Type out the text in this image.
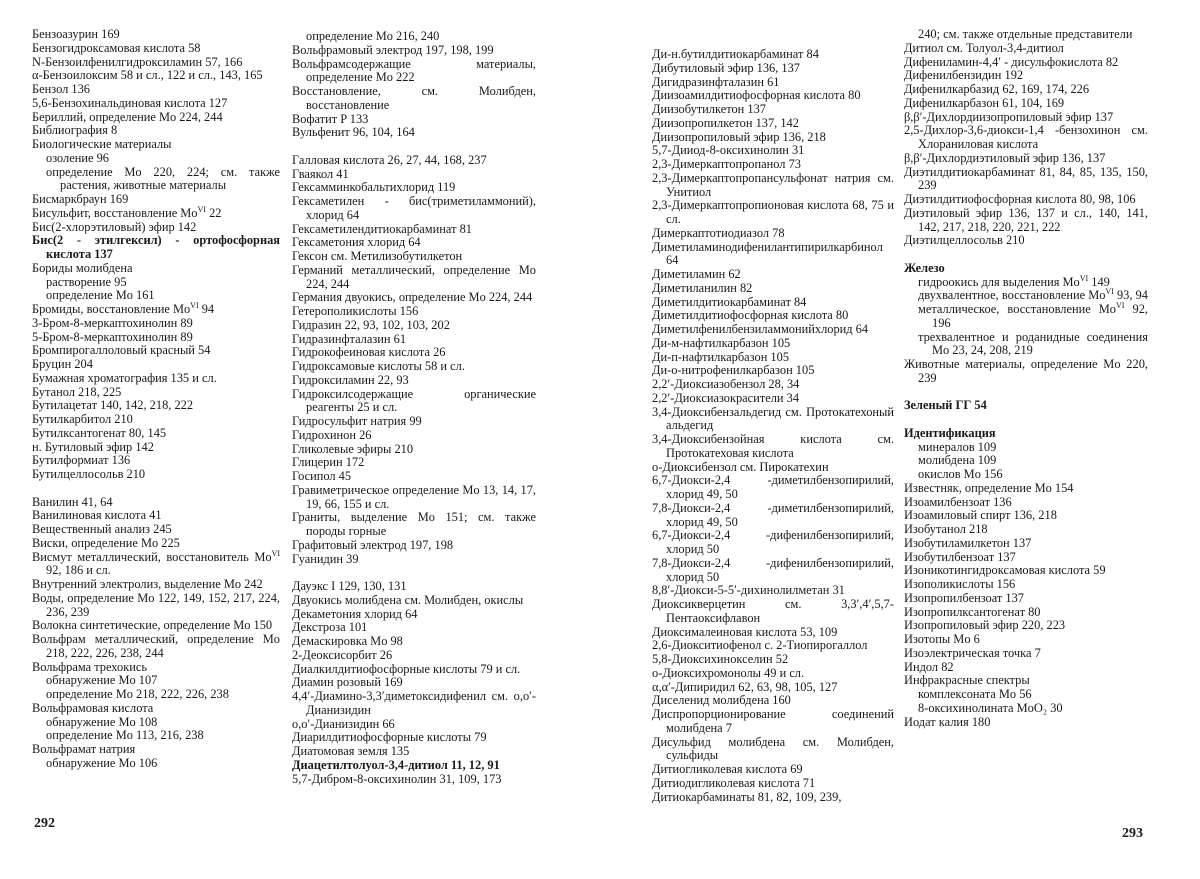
Бензоазурин 169
Бензогидроксамовая кислота 58
N-Бензоилфенилгидроксиламин 57, 166
α-Бензоилоксим 58 и сл., 122 и сл., 143, 165
Бензол 136
5,6-Бензохинальдиновая кислота 127
Бериллий, определение Mo 224, 244
Библиография 8
Биологические материалы
озоление 96
определение Mo 220, 224; см. также растения, животные материалы
Бисмаркбраун 169
Бисульфит, восстановление $Mo^{VI}$ 22
Бис(2-хлорэтиловый) эфир 142
Бис(2 - этилгексил) - ортофосфорная кислота 137
Бориды молибдена
растворение 95
определение Mo 161
Бромиды, восстановление $Mo^{VI}$ 94
3-Бром-8-меркаптохинолин 89
5-Бром-8-меркаптохинолин 89
Бромпирогаллоловый красный 54
Бруцин 204
Бумажная хроматография 135 и сл.
Бутанол 218, 225
Бутилацетат 140, 142, 218, 222
Бутилкарбитол 210
Бутилксантогенат 80, 145
н. Бутиловый эфир 142
Бутилформиат 136
Бутилцеллосольв 210
Ванилин 41, 64
Ванилиновая кислота 41
Вещественный анализ 245
Виски, определение Mo 225
Висмут металлический, восстановитель $Mo^{VI}$ 92, 186 и сл.
Внутренний электролиз, выделение Mo 242
Воды, определение Mo 122, 149, 152, 217, 224, 236, 239
Волокна синтетические, определение Mo 150
Вольфрам металлический, определение Mo 218, 222, 226, 238, 244
Вольфрама трехокись
обнаружение Mo 107
определение Mo 218, 222, 226, 238
Вольфрамовая кислота
обнаружение Mo 108
определение Mo 113, 216, 238
Вольфрамат натрия
обнаружение Mo 106
определение Mo 216, 240
Вольфрамовый электрод 197, 198, 199
Вольфрамсодержащие материалы, определение Mo 222
Восстановление, см. Молибден, восстановление
Вофатит P 133
Вульфенит 96, 104, 164
Галловая кислота 26, 27, 44, 168, 237
Гваякол 41
Гексамминкобальтихлорид 119
Гексаметилен - бис(триметиламмоний), хлорид 64
Гексаметилендитиокарбаминат 81
Гексаметония хлорид 64
Гексон см. Метилизобутилкетон
Германий металлический, определение Mo 224, 244
Германия двуокись, определение Mo 224, 244
Гетерополикислоты 156
Гидразин 22, 93, 102, 103, 202
Гидразинфталазин 61
Гидрокофеиновая кислота 26
Гидроксамовые кислоты 58 и сл.
Гидроксиламин 22, 93
Гидроксилсодержащие органические реагенты 25 и сл.
Гидросульфит натрия 99
Гидрохинон 26
Гликолевые эфиры 210
Глицерин 172
Госипол 45
Гравиметрическое определение Mo 13, 14, 17, 19, 66, 155 и сл.
Граниты, выделение Mo 151; см. также породы горные
Графитовый электрод 197, 198
Гуанидин 39
Дауэкс I 129, 130, 131
Двуокись молибдена см. Молибден, окислы
Декаметония хлорид 64
Декстроза 101
Демаскировка Mo 98
2-Деоксисорбит 26
Диалкилдитиофосфорные кислоты 79 и сл.
Диамин розовый 169
4,4′-Диамино-3,3′диметоксидифенил см. о,о′-Дианизидин
о,о′-Дианизидин 66
Диарилдитиофосфорные кислоты 79
Диатомовая земля 135
Диацетилтолуол-3,4-дитиол 11, 12, 91
5,7-Дибром-8-оксихинолин 31, 109, 173
292
Ди-н.бутилдитиокарбаминат 84
Дибутиловый эфир 136, 137
Дигидразинфталазин 61
Диизоамилдитиофосфорная кислота 80
Диизобутилкетон 137
Диизопропилкетон 137, 142
Диизопропиловый эфир 136, 218
5,7-Дииод-8-оксихинолин 31
2,3-Димеркаптопропанол 73
2,3-Димеркаптопропансульфонат натрия см. Унитиол
2,3-Димеркаптопропионовая кислота 68, 75 и сл.
Димеркаптотиодиазол 78
Диметиламинодифенилантипирилкарбинол 64
Диметиламин 62
Диметиланилин 82
Диметилдитиокарбаминат 84
Диметилдитиофосфорная кислота 80
Диметилфенилбензиламмонийхлорид 64
Ди-м-нафтилкарбазон 105
Ди-п-нафтилкарбазон 105
Ди-о-нитрофенилкарбазон 105
2,2′-Диоксиазобензол 28, 34
2,2′-Диоксиазокрасители 34
3,4-Диоксибензальдегид см. Протокатехоный альдегид
3,4-Диоксибензойная кислота см. Протокатеховая кислота
о-Диоксибензол см. Пирокатехин
6,7-Диокси-2,4 -диметилбензопирилий, хлорид 49, 50
7,8-Диокси-2,4 -диметилбензопирилий, хлорид 49, 50
6,7-Диокси-2,4 -дифенилбензопирилий, хлорид 50
7,8-Диокси-2,4 -дифенилбензопирилий, хлорид 50
8,8′-Диокси-5-5′-дихинолилметан 31
Диоксикверцетин см. 3,3′,4′,5,7-Пентаоксифлавон
Диоксималеиновая кислота 53, 109
2,6-Диокситиофенол с. 2-Тиопирогаллол
5,8-Диоксихинокселин 52
о-Диоксихромонолы 49 и сл.
α,α′-Дипиридил 62, 63, 98, 105, 127
Диселенид молибдена 160
Диспропорционирование соединений молибдена 7
Дисульфид молибдена см. Молибден, сульфиды
Дитиогликолевая кислота 69
Дитиодигликолевая кислота 71
Дитиокарбаминаты 81, 82, 109, 239,
240; см. также отдельные представители
Дитиол см. Толуол-3,4-дитиол
Дифениламин-4,4′ - дисульфокислота 82
Дифенилбензидин 192
Дифенилкарбазид 62, 169, 174, 226
Дифенилкарбазон 61, 104, 169
β,β′-Дихлордиизопропиловый эфир 137
2,5-Дихлор-3,6-диокси-1,4 -бензохинон см. Хлораниловая кислота
β,β′-Дихлордиэтиловый эфир 136, 137
Диэтилдитиокарбаминат 81, 84, 85, 135, 150, 239
Диэтилдитиофосфорная кислота 80, 98, 106
Диэтиловый эфир 136, 137 и сл., 140, 141, 142, 217, 218, 220, 221, 222
Диэтилцеллосольв 210
Железо
гидроокись для выделения $Mo^{VI}$ 149
двухвалентное, восстановление $Mo^{VI}$ 93, 94
металлическое, восстановление $Mo^{VI}$ 92, 196
трехвалентное и роданидные соединения Mo 23, 24, 208, 219
Животные материалы, определение Mo 220, 239
Зеленый ГГ 54
Идентификация
минералов 109
молибдена 109
окислов Mo 156
Известняк, определение Mo 154
Изоамилбензоат 136
Изоамиловый спирт 136, 218
Изобутанол 218
Изобутиламилкетон 137
Изобутилбензоат 137
Изоникотингидроксамовая кислота 59
Изополикислоты 156
Изопропилбензоат 137
Изопропилксантогенат 80
Изопропиловый эфир 220, 223
Изотопы Mo 6
Изоэлектрическая точка 7
Индол 82
Инфракрасные спектры
комплексоната Mo 56
8-оксихинолината MoO₂ 30
Иодат калия 180
293
